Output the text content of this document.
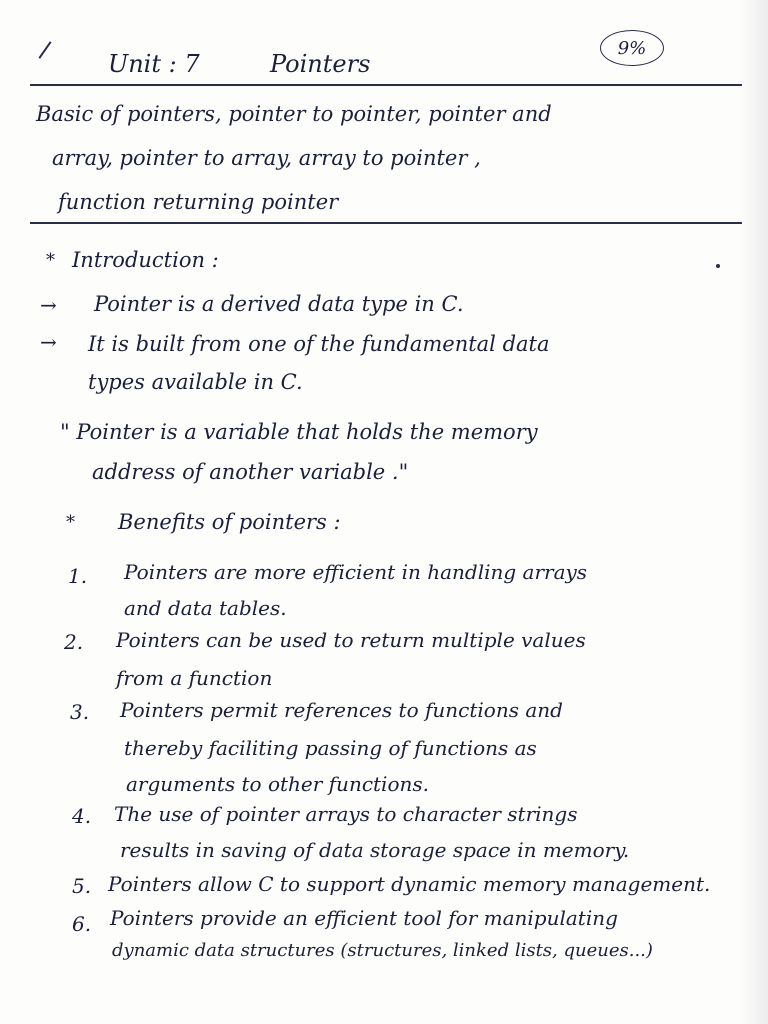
Unit : 7	Pointers
9%
Basic of pointers, pointer to pointer, pointer and
array, pointer to array, array to pointer ,
function returning pointer
* Introduction :
→ Pointer is a derived data type in C.
→ It is built from one of the fundamental data
types available in C.
" Pointer is a variable that holds the memory
address of another variable ."
* Benefits of pointers :
1. Pointers are more efficient in handling arrays
and data tables.
2. Pointers can be used to return multiple values
from a function
3. Pointers permit references to functions and
thereby faciliting passing of functions as
arguments to other functions.
4. The use of pointer arrays to character strings
results in saving of data storage space in memory.
5. Pointers allow C to support dynamic memory management.
6. Pointers provide an efficient tool for manipulating
dynamic data structures (structures, linked lists, queues...)
